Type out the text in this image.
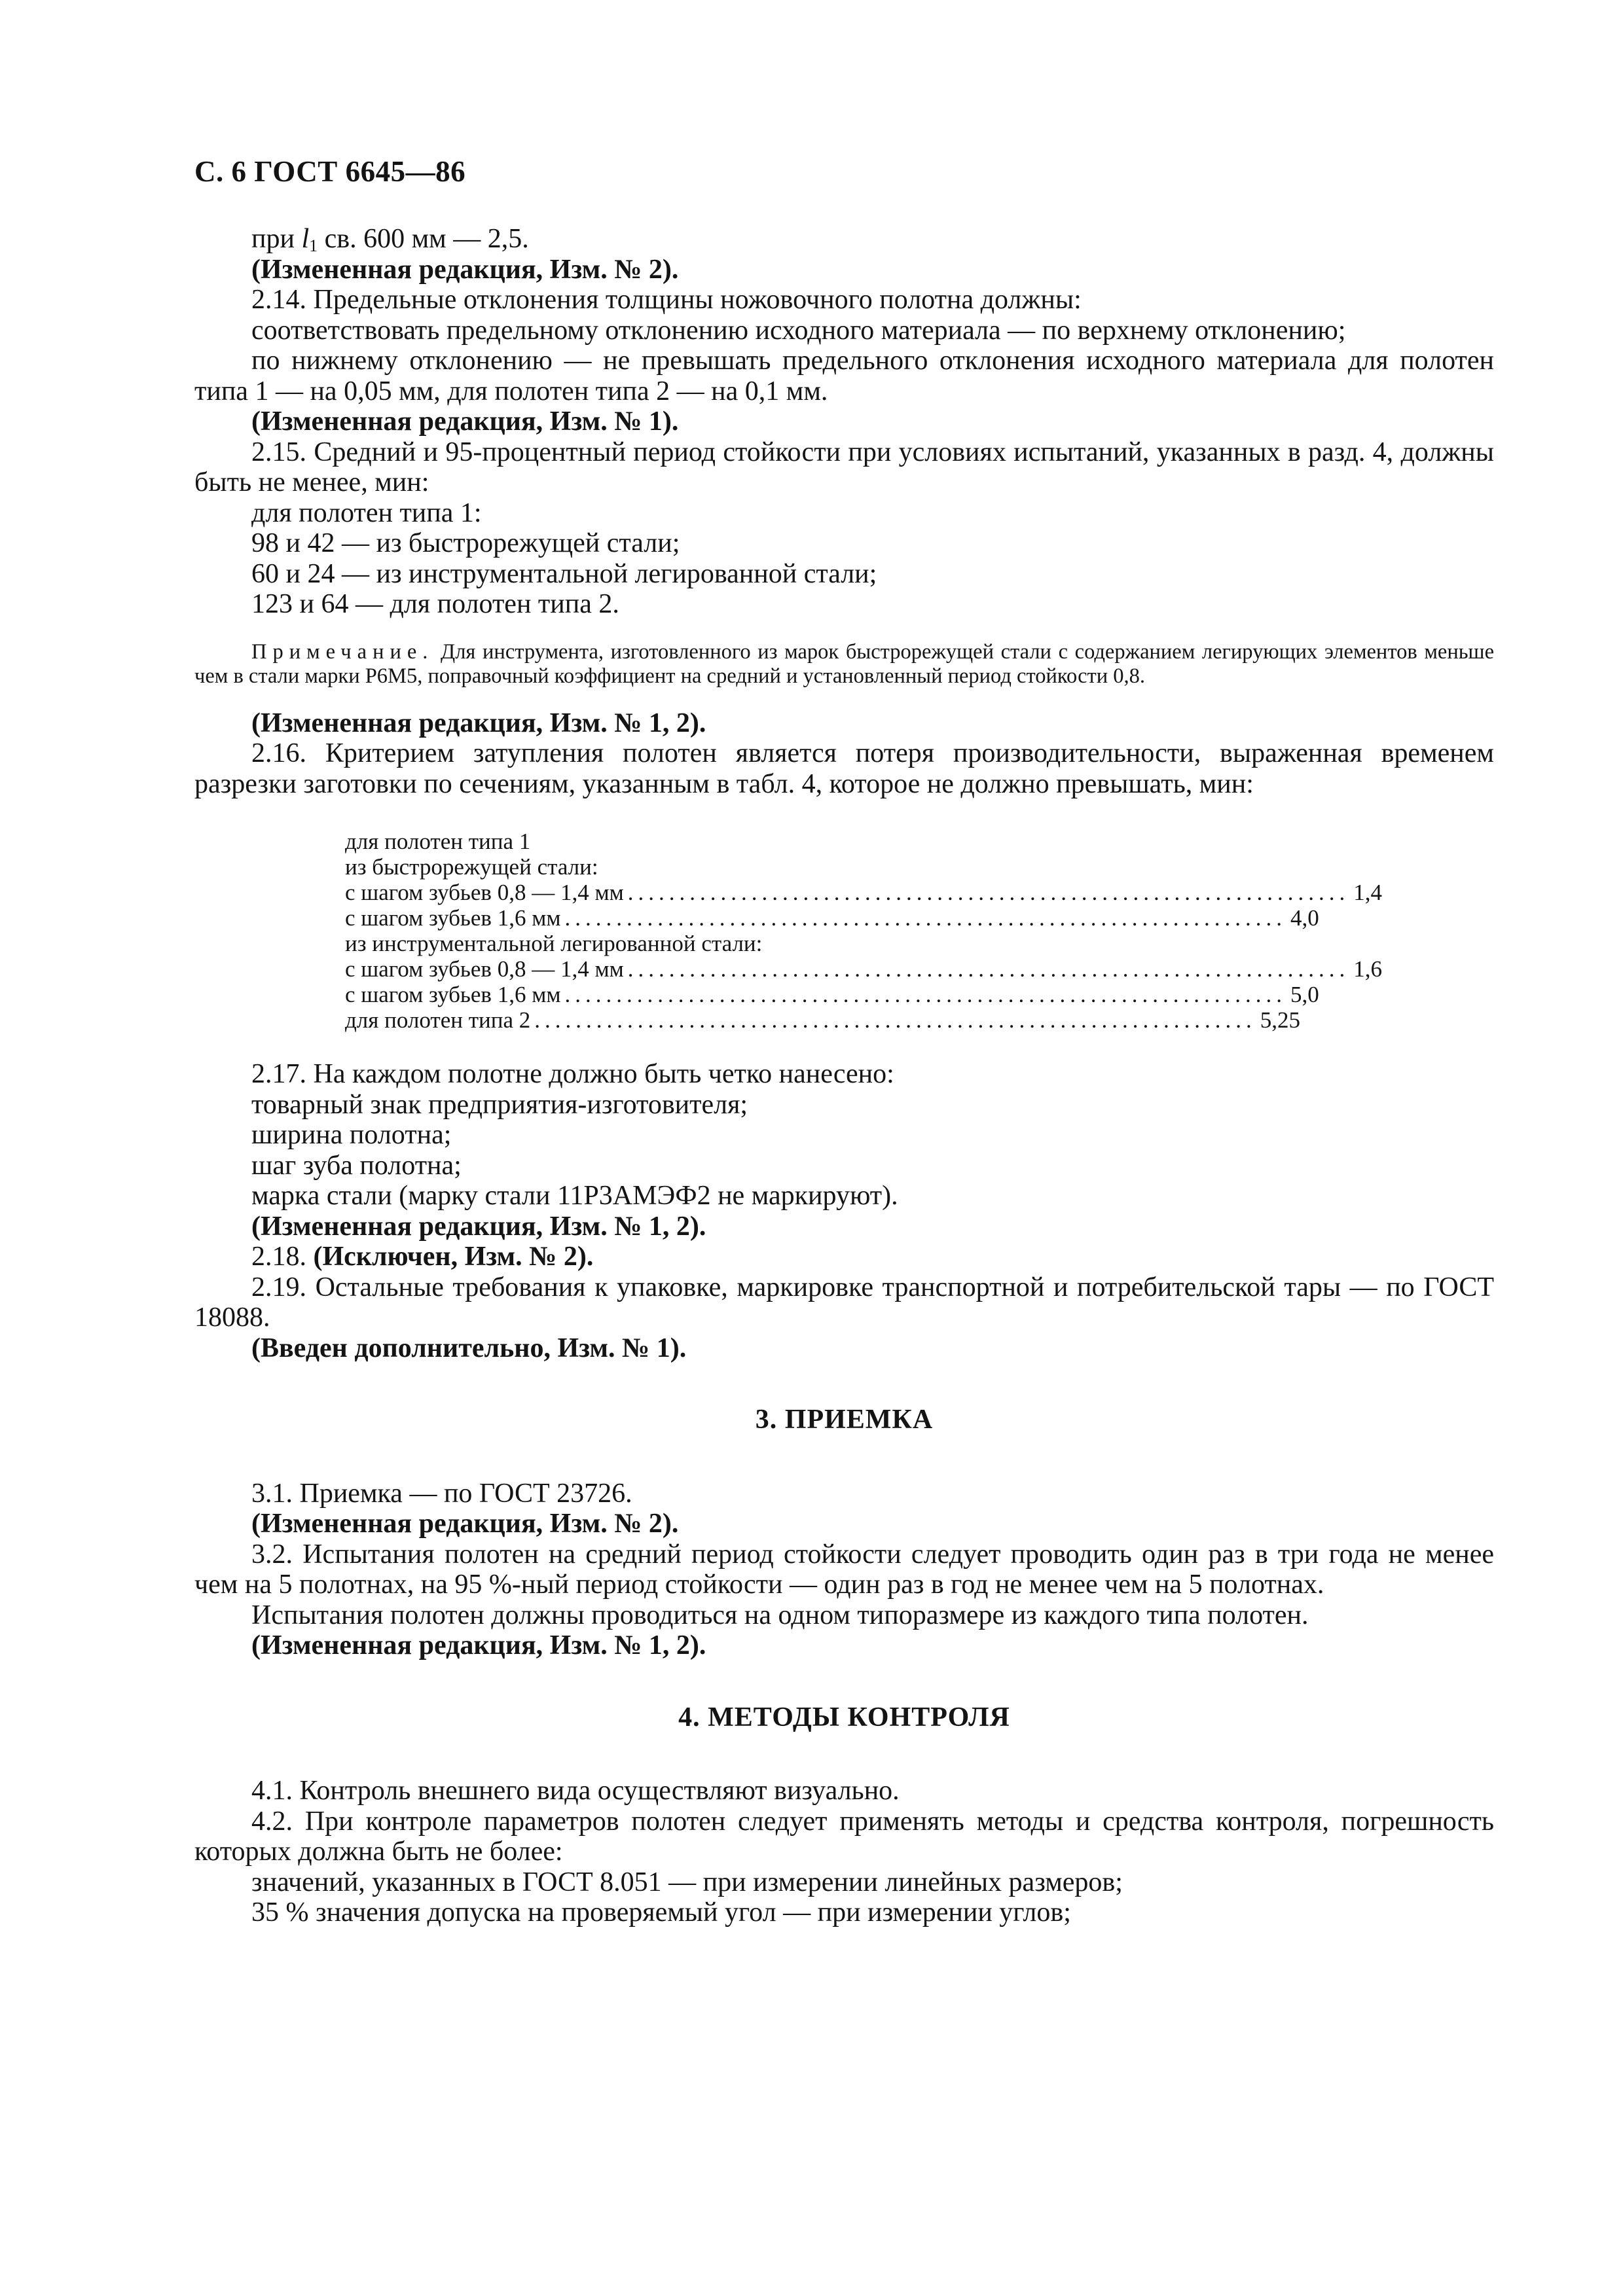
С. 6 ГОСТ 6645—86

при $l_1$ св. 600 мм — 2,5.

(Измененная редакция, Изм. № 2).

2.14. Предельные отклонения толщины ножовочного полотна должны:

соответствовать предельному отклонению исходного материала — по верхнему отклонению;

по нижнему отклонению — не превышать предельного отклонения исходного материала для полотен типа 1 — на 0,05 мм, для полотен типа 2 — на 0,1 мм.

(Измененная редакция, Изм. № 1).

2.15. Средний и 95-процентный период стойкости при условиях испытаний, указанных в разд. 4, должны быть не менее, мин:

для полотен типа 1:

98 и 42 — из быстрорежущей стали;

60 и 24 — из инструментальной легированной стали;

123 и 64 — для полотен типа 2.

Примечание. Для инструмента, изготовленного из марок быстрорежущей стали с содержанием легирующих элементов меньше чем в стали марки Р6М5, поправочный коэффициент на средний и установленный период стойкости 0,8.

(Измененная редакция, Изм. № 1, 2).

2.16. Критерием затупления полотен является потеря производительности, выраженная временем разрезки заготовки по сечениям, указанным в табл. 4, которое не должно превышать, мин:

для полотен типа 1
из быстрорежущей стали:
с шагом зубьев 0,8 — 1,4 мм ...................................................................... 1,4
с шагом зубьев 1,6 мм ...................................................................... 4,0
из инструментальной легированной стали:
с шагом зубьев 0,8 — 1,4 мм ...................................................................... 1,6
с шагом зубьев 1,6 мм ...................................................................... 5,0
для полотен типа 2 ...................................................................... 5,25

2.17. На каждом полотне должно быть четко нанесено:

товарный знак предприятия-изготовителя;

ширина полотна;

шаг зуба полотна;

марка стали (марку стали 11Р3АМЭФ2 не маркируют).

(Измененная редакция, Изм. № 1, 2).

2.18. (Исключен, Изм. № 2).

2.19. Остальные требования к упаковке, маркировке транспортной и потребительской тары — по ГОСТ 18088.

(Введен дополнительно, Изм. № 1).

3. ПРИЕМКА

3.1. Приемка — по ГОСТ 23726.

(Измененная редакция, Изм. № 2).

3.2. Испытания полотен на средний период стойкости следует проводить один раз в три года не менее чем на 5 полотнах, на 95 %-ный период стойкости — один раз в год не менее чем на 5 полотнах.

Испытания полотен должны проводиться на одном типоразмере из каждого типа полотен.

(Измененная редакция, Изм. № 1, 2).

4. МЕТОДЫ КОНТРОЛЯ

4.1. Контроль внешнего вида осуществляют визуально.

4.2. При контроле параметров полотен следует применять методы и средства контроля, погрешность которых должна быть не более:

значений, указанных в ГОСТ 8.051 — при измерении линейных размеров;

35 % значения допуска на проверяемый угол — при измерении углов;
